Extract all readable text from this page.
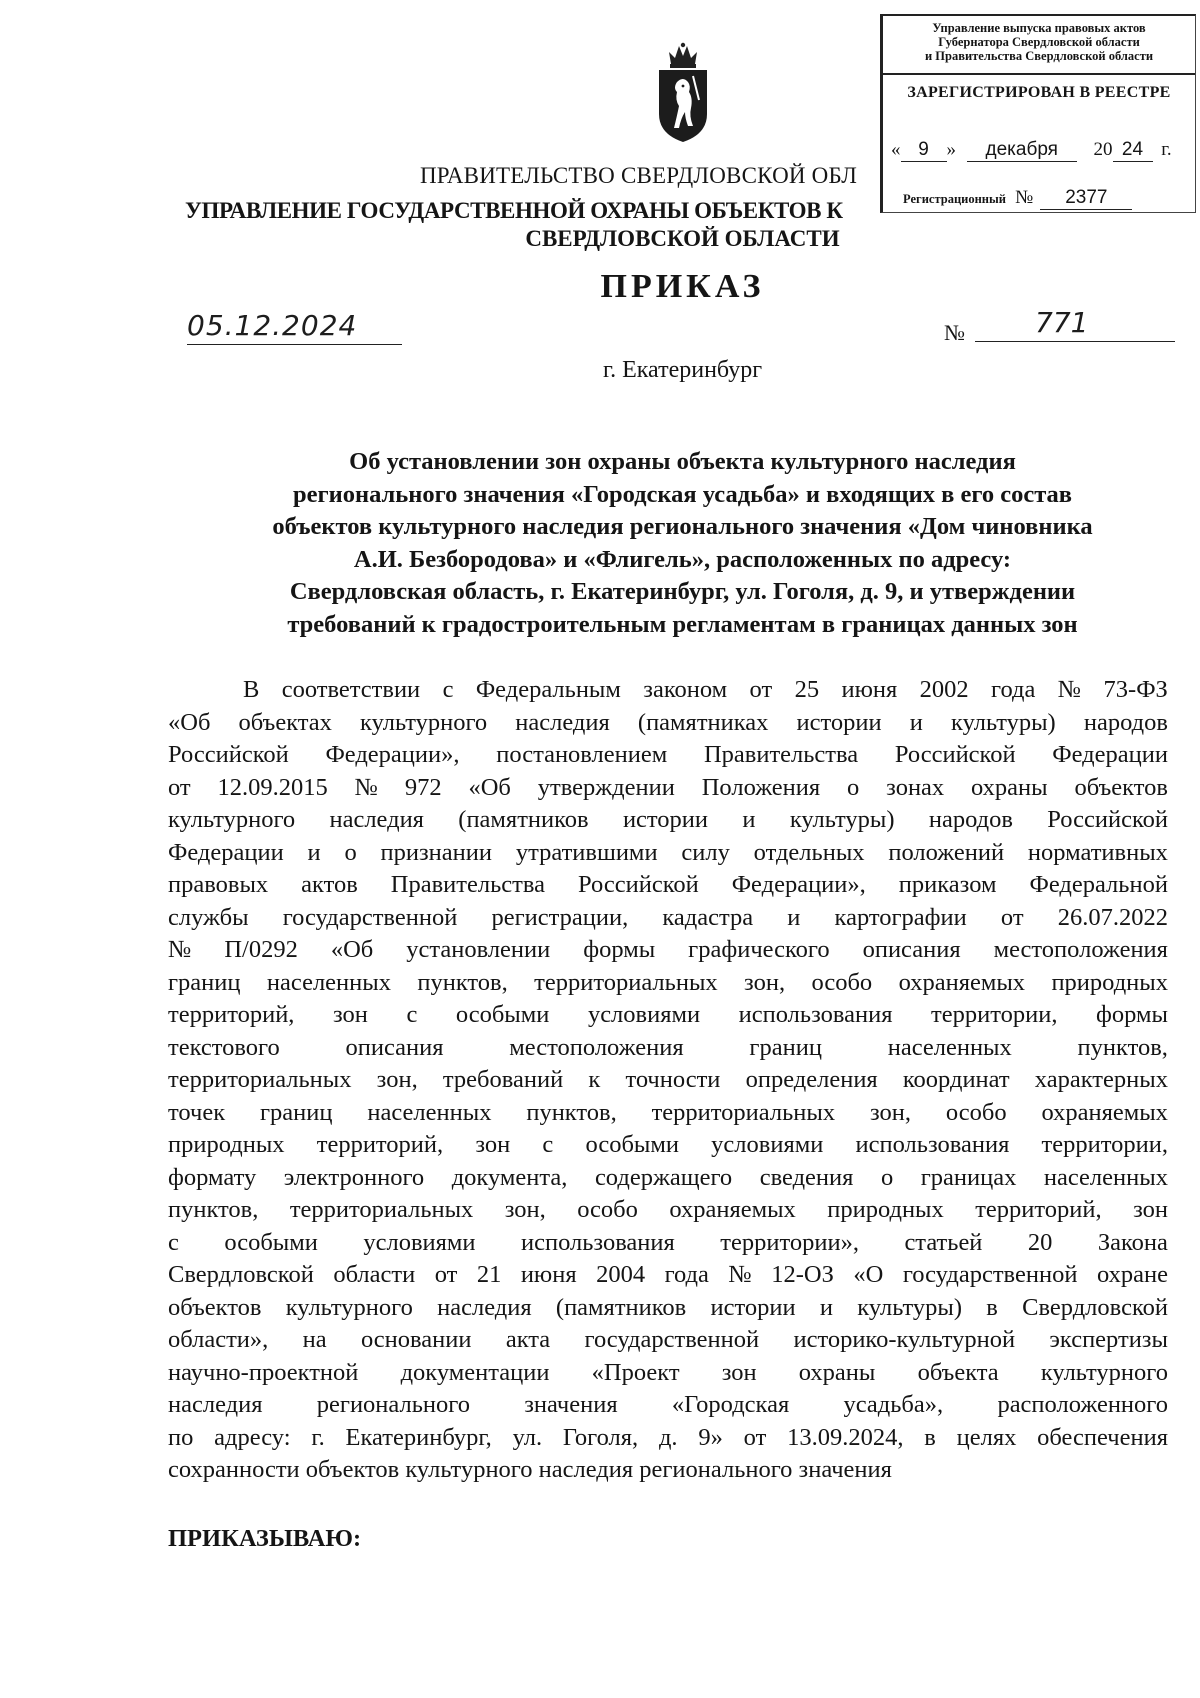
Управление выпуска правовых актов
Губернатора Свердловской области
и Правительства Свердловской области
ЗАРЕГИСТРИРОВАН В РЕЕСТРЕ
« 9 » декабря 20 24 г.
Регистрационный № 2377
ПРАВИТЕЛЬСТВО СВЕРДЛОВСКОЙ ОБЛ
УПРАВЛЕНИЕ ГОСУДАРСТВЕННОЙ ОХРАНЫ ОБЪЕКТОВ К
СВЕРДЛОВСКОЙ ОБЛАСТИ
ПРИКАЗ
05.12.2024	№	771
г. Екатеринбург
Об установлении зон охраны объекта культурного наследия
регионального значения «Городская усадьба» и входящих в его состав
объектов культурного наследия регионального значения «Дом чиновника
А.И. Безбородова» и «Флигель», расположенных по адресу:
Свердловская область, г. Екатеринбург, ул. Гоголя, д. 9, и утверждении
требований к градостроительным регламентам в границах данных зон
В соответствии с Федеральным законом от 25 июня 2002 года № 73-ФЗ
«Об объектах культурного наследия (памятниках истории и культуры) народов
Российской Федерации», постановлением Правительства Российской Федерации
от 12.09.2015 № 972 «Об утверждении Положения о зонах охраны объектов
культурного наследия (памятников истории и культуры) народов Российской
Федерации и о признании утратившими силу отдельных положений нормативных
правовых актов Правительства Российской Федерации», приказом Федеральной
службы государственной регистрации, кадастра и картографии от 26.07.2022
№ П/0292 «Об установлении формы графического описания местоположения
границ населенных пунктов, территориальных зон, особо охраняемых природных
территорий, зон с особыми условиями использования территории, формы
текстового	описания	местоположения	границ	населенных	пунктов,
территориальных зон, требований к точности определения координат характерных
точек границ населенных пунктов, территориальных зон, особо охраняемых
природных территорий, зон с особыми условиями использования территории,
формату электронного документа, содержащего сведения о границах населенных
пунктов, территориальных зон, особо охраняемых природных территорий, зон
с особыми условиями использования территории», статьей 20 Закона
Свердловской области от 21 июня 2004 года № 12-ОЗ «О государственной охране
объектов культурного наследия (памятников истории и культуры) в Свердловской
области», на основании акта государственной историко-культурной экспертизы
научно-проектной документации «Проект зон охраны объекта культурного
наследия регионального значения «Городская усадьба», расположенного
по адресу: г. Екатеринбург, ул. Гоголя, д. 9» от 13.09.2024, в целях обеспечения
сохранности объектов культурного наследия регионального значения
ПРИКАЗЫВАЮ:
